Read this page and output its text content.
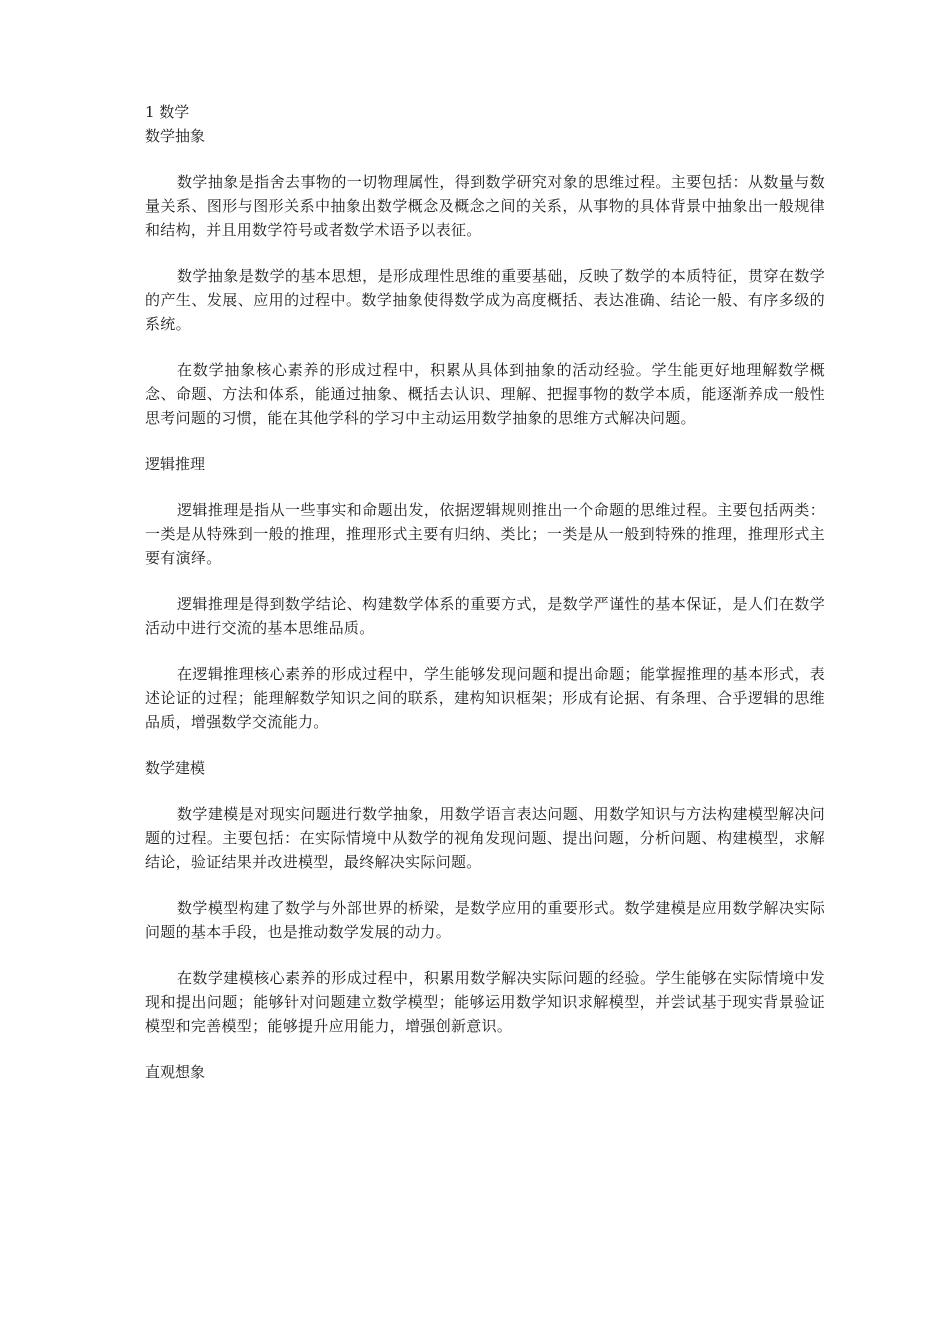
1 数学

数学抽象

数学抽象是指舍去事物的一切物理属性，得到数学研究对象的思维过程。主要包括：从数量与数量关系、图形与图形关系中抽象出数学概念及概念之间的关系，从事物的具体背景中抽象出一般规律和结构，并且用数学符号或者数学术语予以表征。

数学抽象是数学的基本思想，是形成理性思维的重要基础，反映了数学的本质特征，贯穿在数学的产生、发展、应用的过程中。数学抽象使得数学成为高度概括、表达准确、结论一般、有序多级的系统。

在数学抽象核心素养的形成过程中，积累从具体到抽象的活动经验。学生能更好地理解数学概念、命题、方法和体系，能通过抽象、概括去认识、理解、把握事物的数学本质，能逐渐养成一般性思考问题的习惯，能在其他学科的学习中主动运用数学抽象的思维方式解决问题。

逻辑推理

逻辑推理是指从一些事实和命题出发，依据逻辑规则推出一个命题的思维过程。主要包括两类：一类是从特殊到一般的推理，推理形式主要有归纳、类比；一类是从一般到特殊的推理，推理形式主要有演绎。

逻辑推理是得到数学结论、构建数学体系的重要方式，是数学严谨性的基本保证，是人们在数学活动中进行交流的基本思维品质。

在逻辑推理核心素养的形成过程中，学生能够发现问题和提出命题；能掌握推理的基本形式，表述论证的过程；能理解数学知识之间的联系，建构知识框架；形成有论据、有条理、合乎逻辑的思维品质，增强数学交流能力。

数学建模

数学建模是对现实问题进行数学抽象，用数学语言表达问题、用数学知识与方法构建模型解决问题的过程。主要包括：在实际情境中从数学的视角发现问题、提出问题，分析问题、构建模型，求解结论，验证结果并改进模型，最终解决实际问题。

数学模型构建了数学与外部世界的桥梁，是数学应用的重要形式。数学建模是应用数学解决实际问题的基本手段，也是推动数学发展的动力。

在数学建模核心素养的形成过程中，积累用数学解决实际问题的经验。学生能够在实际情境中发现和提出问题；能够针对问题建立数学模型；能够运用数学知识求解模型，并尝试基于现实背景验证模型和完善模型；能够提升应用能力，增强创新意识。

直观想象
